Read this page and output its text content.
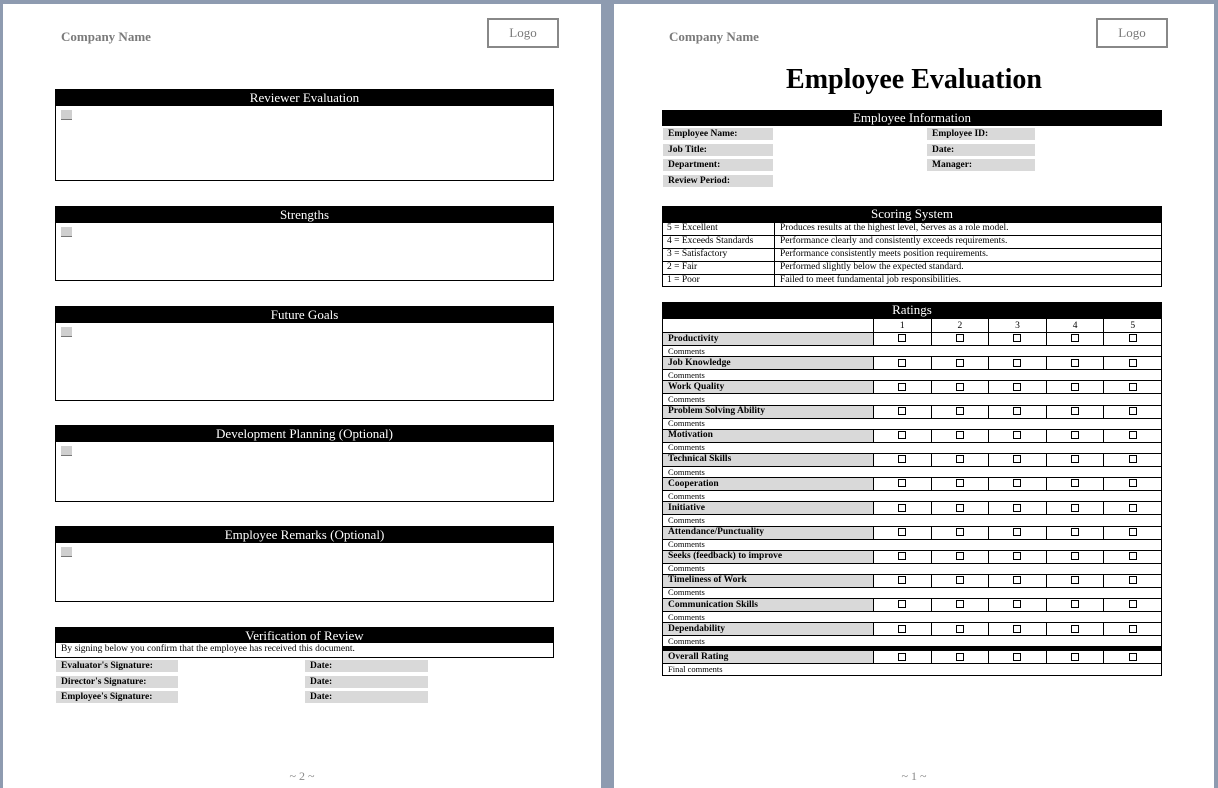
Company Name	Logo
Reviewer Evaluation
Strengths
Future Goals
Development Planning (Optional)
Employee Remarks (Optional)
Verification of Review
By signing below you confirm that the employee has received this document.
Evaluator's Signature:	Date:
Director's Signature:	Date:
Employee's Signature:	Date:
~ 2 ~
Company Name	Logo
Employee Evaluation
Employee Information
Employee Name:	Employee ID:
Job Title:	Date:
Department:	Manager:
Review Period:
Scoring System
5 = Excellent	Produces results at the highest level, Serves as a role model.
4 = Exceeds Standards	Performance clearly and consistently exceeds requirements.
3 = Satisfactory	Performance consistently meets position requirements.
2 = Fair	Performed slightly below the expected standard.
1 = Poor	Failed to meet fundamental job responsibilities.
Ratings
	1	2	3	4	5
Productivity					
Comments					
Job Knowledge					
Comments					
Work Quality					
Comments					
Problem Solving Ability					
Comments					
Motivation					
Comments					
Technical Skills					
Comments					
Cooperation					
Comments					
Initiative					
Comments					
Attendance/Punctuality					
Comments					
Seeks (feedback) to improve					
Comments					
Timeliness of Work					
Comments					
Communication Skills					
Comments					
Dependability					
Comments					

Overall Rating					
Final comments					
~ 1 ~
